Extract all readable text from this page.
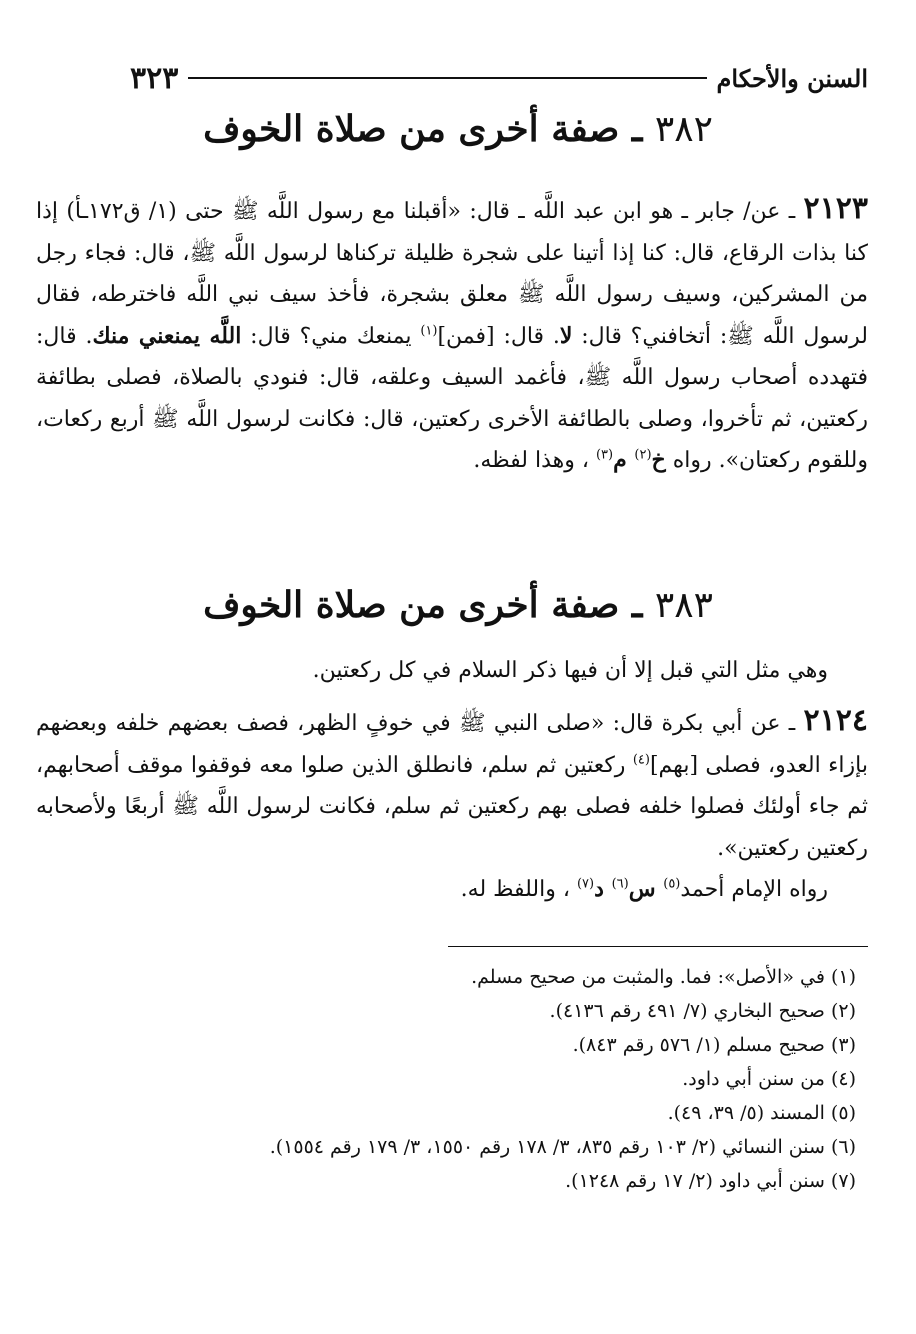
السنن والأحكام
٣٢٣
٣٨٢ ـ صفة أخرى من صلاة الخوف

٢١٢٣ ـ عن/ جابر ـ هو ابن عبد اللَّه ـ قال: «أقبلنا مع رسول اللَّه ﷺ حتى (١/ ق١٧٢ـأ) إذا كنا بذات الرقاع، قال: كنا إذا أتينا على شجرة ظليلة تركناها لرسول اللَّه ﷺ، قال: فجاء رجل من المشركين، وسيف رسول اللَّه ﷺ معلق بشجرة، فأخذ سيف نبي اللَّه فاخترطه، فقال لرسول اللَّه ﷺ: أتخافني؟ قال: لا. قال: [فمن]$^{(١)}$ يمنعك مني؟ قال: اللَّه يمنعني منك. قال: فتهدده أصحاب رسول اللَّه ﷺ، فأغمد السيف وعلقه، قال: فنودي بالصلاة، فصلى بطائفة ركعتين، ثم تأخروا، وصلى بالطائفة الأخرى ركعتين، قال: فكانت لرسول اللَّه ﷺ أربع ركعات، وللقوم ركعتان». رواه خ$^{(٢)}$ م$^{(٣)}$ ، وهذا لفظه.

٣٨٣ ـ صفة أخرى من صلاة الخوف

وهي مثل التي قبل إلا أن فيها ذكر السلام في كل ركعتين.

٢١٢٤ ـ عن أبي بكرة قال: «صلى النبي ﷺ في خوفٍ الظهر، فصف بعضهم خلفه وبعضهم بإزاء العدو، فصلى [بهم]$^{(٤)}$ ركعتين ثم سلم، فانطلق الذين صلوا معه فوقفوا موقف أصحابهم، ثم جاء أولئك فصلوا خلفه فصلى بهم ركعتين ثم سلم، فكانت لرسول اللَّه ﷺ أربعًا ولأصحابه ركعتين ركعتين».

رواه الإمام أحمد$^{(٥)}$ س$^{(٦)}$ د$^{(٧)}$ ، واللفظ له.

(١) في «الأصل»: فما. والمثبت من صحيح مسلم.
(٢) صحيح البخاري (٧/ ٤٩١ رقم ٤١٣٦).
(٣) صحيح مسلم (١/ ٥٧٦ رقم ٨٤٣).
(٤) من سنن أبي داود.
(٥) المسند (٥/ ٣٩، ٤٩).
(٦) سنن النسائي (٢/ ١٠٣ رقم ٨٣٥، ٣/ ١٧٨ رقم ١٥٥٠، ٣/ ١٧٩ رقم ١٥٥٤).
(٧) سنن أبي داود (٢/ ١٧ رقم ١٢٤٨).
